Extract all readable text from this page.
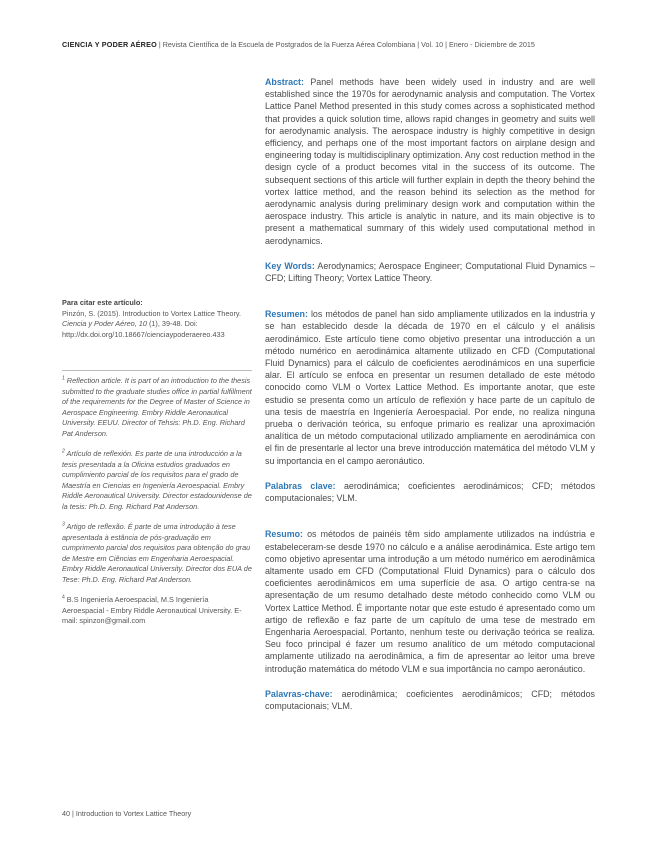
CIENCIA Y PODER AÉREO | Revista Científica de la Escuela de Postgrados de la Fuerza Aérea Colombiana | Vol. 10 | Enero - Diciembre de 2015

Abstract: Panel methods have been widely used in industry and are well established since the 1970s for aerodynamic analysis and computation. The Vortex Lattice Panel Method presented in this study comes across a sophisticated method that provides a quick solution time, allows rapid changes in geometry and suits well for aerodynamic analysis. The aerospace industry is highly competitive in design efficiency, and perhaps one of the most important factors on airplane design and engineering today is multidisciplinary optimization. Any cost reduction method in the design cycle of a product becomes vital in the success of its outcome. The subsequent sections of this article will further explain in depth the theory behind the vortex lattice method, and the reason behind its selection as the method for aerodynamic analysis during preliminary design work and computation within the aerospace industry. This article is analytic in nature, and its main objective is to present a mathematical summary of this widely used computational method in aerodynamics.

Key Words: Aerodynamics; Aerospace Engineer; Computational Fluid Dynamics – CFD; Lifting Theory; Vortex Lattice Theory.

Resumen: los métodos de panel han sido ampliamente utilizados en la industria y se han establecido desde la década de 1970 en el cálculo y el análisis aerodinámico. Este artículo tiene como objetivo presentar una introducción a un método numérico en aerodinámica altamente utilizado en CFD (Computational Fluid Dynamics) para el cálculo de coeficientes aerodinámicos en una superficie alar. El artículo se enfoca en presentar un resumen detallado de este método conocido como VLM o Vortex Lattice Method. Es importante anotar, que este estudio se presenta como un artículo de reflexión y hace parte de un capítulo de una tesis de maestría en Ingeniería Aeroespacial. Por ende, no realiza ninguna prueba o derivación teórica, su enfoque primario es realizar una aproximación analítica de un método computacional utilizado ampliamente en aerodinámica con el fin de presentarle al lector una breve introducción matemática del método VLM y su importancia en el campo aeronáutico.

Palabras clave: aerodinámica; coeficientes aerodinámicos; CFD; métodos computacionales; VLM.

Resumo: os métodos de painéis têm sido amplamente utilizados na indústria e estabeleceram-se desde 1970 no cálculo e a análise aerodinámica. Este artigo tem como objetivo apresentar uma introdução a um método numérico em aerodinâmica altamente usado em CFD (Computational Fluid Dynamics) para o cálculo dos coeficientes aerodinâmicos em uma superfície de asa. O artigo centra-se na apresentação de um resumo detalhado deste método conhecido como VLM ou Vortex Lattice Method. É importante notar que este estudo é apresentado como um artigo de reflexão e faz parte de um capítulo de uma tese de mestrado em Engenharia Aeroespacial. Portanto, nenhum teste ou derivação teórica se realiza. Seu foco principal é fazer um resumo analítico de um método computacional amplamente utilizado na aerodinâmica, a fim de apresentar ao leitor uma breve introdução matemática do método VLM e sua importância no campo aeronáutico.

Palavras-chave: aerodinâmica; coeficientes aerodinâmicos; CFD; métodos computacionais; VLM.

Para citar este artículo:

Pinzón, S. (2015). Introduction to Vortex Lattice Theory. Ciencia y Poder Aéreo, 10 (1), 39-48. Doi: http://dx.doi.org/10.18667/cienciaypoderaereo.433

$^1$ Reflection article. It is part of an introduction to the thesis submitted to the graduate studies office in partial fulfillment of the requirements for the Degree of Master of Science in Aerospace Engineering. Embry Riddle Aeronautical University. EEUU. Director of Tehsis: Ph.D. Eng. Richard Pat Anderson.

$^2$ Artículo de reflexión. Es parte de una introducción a la tesis presentada a la Oficina estudios graduados en cumplimiento parcial de los requisitos para el grado de Maestría en Ciencias en Ingeniería Aeroespacial. Embry Riddle Aeronautical University. Director estadounidense de la tesis: Ph.D. Eng. Richard Pat Anderson.

$^3$ Artigo de reflexão. É parte de uma introdução à tese apresentada à estância de pós-graduação em cumprimento parcial dos requisitos para obtenção do grau de Mestre em Ciências em Engenharia Aeroespacial. Embry Riddle Aeronautical University. Director dos EUA de Tese: Ph.D. Eng. Richard Pat Anderson.

$^4$ B.S Ingeniería Aeroespacial, M.S Ingeniería Aeroespacial - Embry Riddle Aeronautical University. E-mail: spinzon@gmail.com

40 | Introduction to Vortex Lattice Theory
